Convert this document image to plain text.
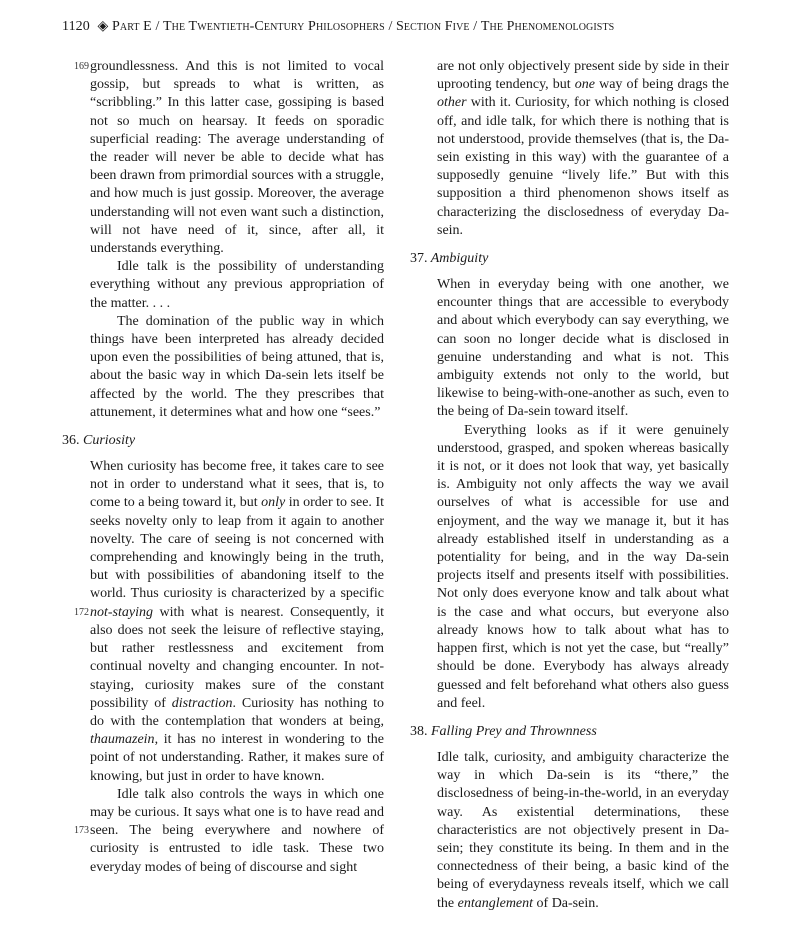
1120 ◈ Part E / The Twentieth-Century Philosophers / Section Five / The Phenomenologists

169 groundlessness. And this is not limited to vocal gossip, but spreads to what is written, as “scribbling.” In this latter case, gossiping is based not so much on hearsay. It feeds on sporadic superficial reading: The average understanding of the reader will never be able to decide what has been drawn from primordial sources with a struggle, and how much is just gossip. Moreover, the average understanding will not even want such a distinction, will not have need of it, since, after all, it understands everything.

Idle talk is the possibility of understanding everything without any previous appropriation of the matter. . . .

The domination of the public way in which things have been interpreted has already decided upon even the possibilities of being attuned, that is, about the basic way in which Da-sein lets itself be affected by the world. The they prescribes that attunement, it determines what and how one “sees.”

36. Curiosity

172
When curiosity has become free, it takes care to see not in order to understand what it sees, that is, to come to a being toward it, but only in order to see. It seeks novelty only to leap from it again to another novelty. The care of seeing is not concerned with comprehending and knowingly being in the truth, but with possibilities of abandoning itself to the world. Thus curiosity is characterized by a specific not-staying with what is nearest. Consequently, it also does not seek the leisure of reflective staying, but rather restlessness and excitement from continual novelty and changing encounter. In not-staying, curiosity makes sure of the constant possibility of distraction. Curiosity has nothing to do with the contemplation that wonders at being, thaumazein, it has no interest in wondering to the point of not understanding. Rather, it makes sure of knowing, but just in order to have known.

173
Idle talk also controls the ways in which one may be curious. It says what one is to have read and seen. The being everywhere and nowhere of curiosity is entrusted to idle task. These two everyday modes of being of discourse and sight

are not only objectively present side by side in their uprooting tendency, but one way of being drags the other with it. Curiosity, for which nothing is closed off, and idle talk, for which there is nothing that is not understood, provide themselves (that is, the Da-sein existing in this way) with the guarantee of a supposedly genuine “lively life.” But with this supposition a third phenomenon shows itself as characterizing the disclosedness of everyday Da-sein.

37. Ambiguity

When in everyday being with one another, we encounter things that are accessible to everybody and about which everybody can say everything, we can soon no longer decide what is disclosed in genuine understanding and what is not. This ambiguity extends not only to the world, but likewise to being-with-one-another as such, even to the being of Da-sein toward itself.

Everything looks as if it were genuinely understood, grasped, and spoken whereas basically it is not, or it does not look that way, yet basically is. Ambiguity not only affects the way we avail ourselves of what is accessible for use and enjoyment, and the way we manage it, but it has already established itself in understanding as a potentiality for being, and in the way Da-sein projects itself and presents itself with possibilities. Not only does everyone know and talk about what is the case and what occurs, but everyone also already knows how to talk about what has to happen first, which is not yet the case, but “really” should be done. Everybody has always already guessed and felt beforehand what others also guess and feel.

38. Falling Prey and Thrownness

Idle talk, curiosity, and ambiguity characterize the way in which Da-sein is its “there,” the disclosedness of being-in-the-world, in an everyday way. As existential determinations, these characteristics are not objectively present in Da-sein; they constitute its being. In them and in the connectedness of their being, a basic kind of the being of everydayness reveals itself, which we call the entanglement of Da-sein.
